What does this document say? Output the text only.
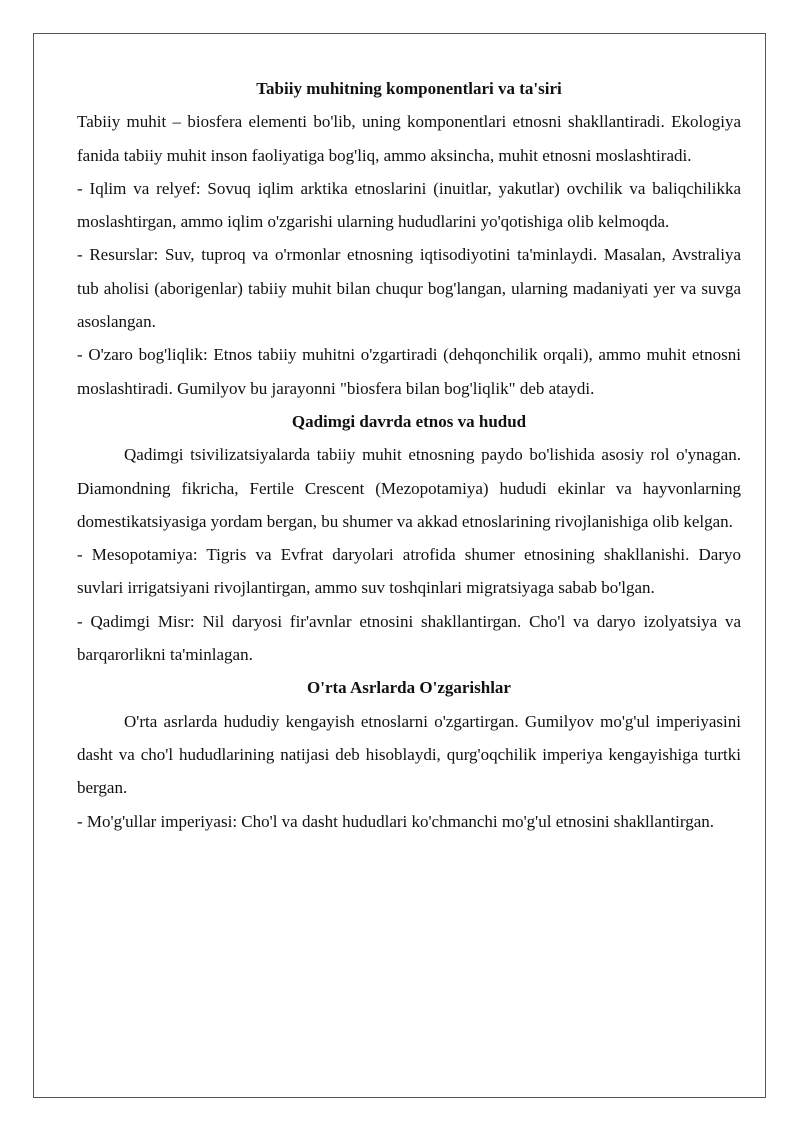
Tabiiy muhitning komponentlari va ta'siri

Tabiiy muhit – biosfera elementi bo'lib, uning komponentlari etnosni shakllantiradi. Ekologiya fanida tabiiy muhit inson faoliyatiga bog'liq, ammo aksincha, muhit etnosni moslashtiradi.

- Iqlim va relyef: Sovuq iqlim arktika etnoslarini (inuitlar, yakutlar) ovchilik va baliqchilikka moslashtirgan, ammo iqlim o'zgarishi ularning hududlarini yo'qotishiga olib kelmoqda.

- Resurslar: Suv, tuproq va o'rmonlar etnosning iqtisodiyotini ta'minlaydi. Masalan, Avstraliya tub aholisi (aborigenlar) tabiiy muhit bilan chuqur bog'langan, ularning madaniyati yer va suvga asoslangan.

- O'zaro bog'liqlik: Etnos tabiiy muhitni o'zgartiradi (dehqonchilik orqali), ammo muhit etnosni moslashtiradi. Gumilyov bu jarayonni "biosfera bilan bog'liqlik" deb ataydi.

Qadimgi davrda etnos va hudud

Qadimgi tsivilizatsiyalarda tabiiy muhit etnosning paydo bo'lishida asosiy rol o'ynagan. Diamondning fikricha, Fertile Crescent (Mezopotamiya) hududi ekinlar va hayvonlarning domestikatsiyasiga yordam bergan, bu shumer va akkad etnoslarining rivojlanishiga olib kelgan.

- Mesopotamiya: Tigris va Evfrat daryolari atrofida shumer etnosining shakllanishi. Daryo suvlari irrigatsiyani rivojlantirgan, ammo suv toshqinlari migratsiyaga sabab bo'lgan.

- Qadimgi Misr: Nil daryosi fir'avnlar etnosini shakllantirgan. Cho'l va daryo izolyatsiya va barqarorlikni ta'minlagan.

O'rta Asrlarda O'zgarishlar

O'rta asrlarda hududiy kengayish etnoslarni o'zgartirgan. Gumilyov mo'g'ul imperiyasini dasht va cho'l hududlarining natijasi deb hisoblaydi, qurg'oqchilik imperiya kengayishiga turtki bergan.

- Mo'g'ullar imperiyasi: Cho'l va dasht hududlari ko'chmanchi mo'g'ul etnosini shakllantirgan.
